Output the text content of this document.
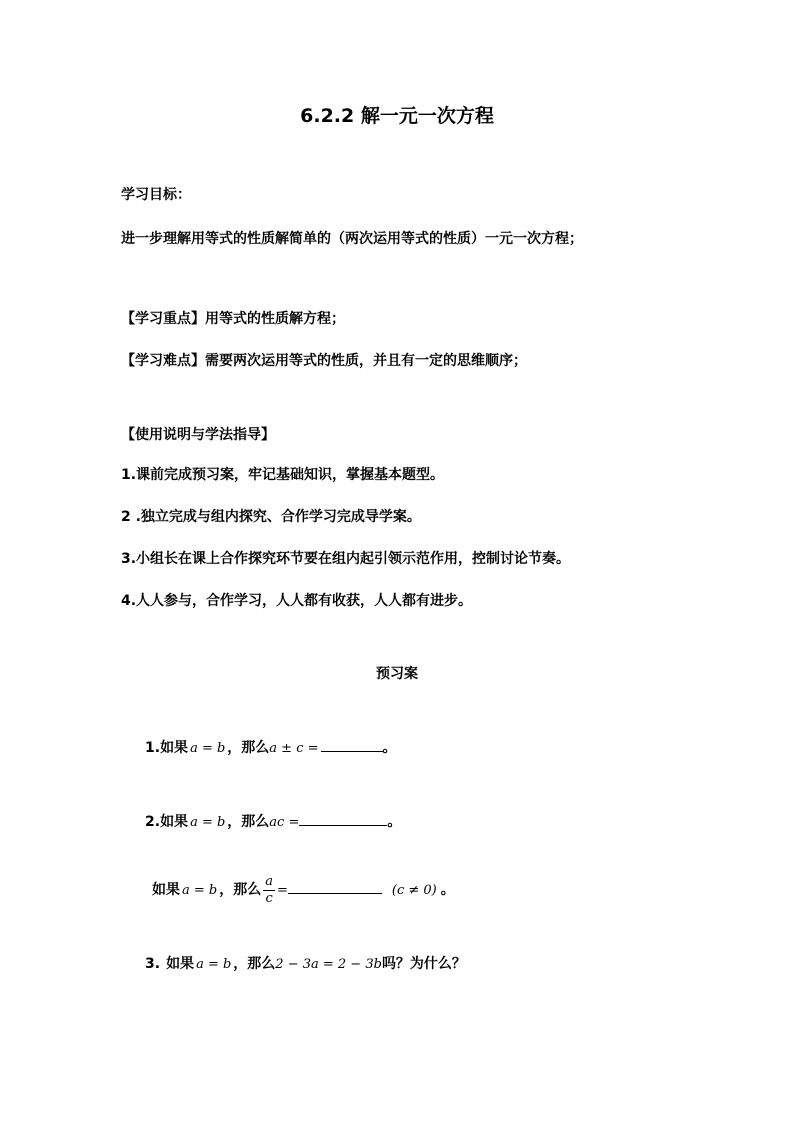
6.2.2 解一元一次方程
学习目标：
进一步理解用等式的性质解简单的（两次运用等式的性质）一元一次方程；
【学习重点】用等式的性质解方程；
【学习难点】需要两次运用等式的性质，并且有一定的思维顺序；
【使用说明与学法指导】
1.课前完成预习案，牢记基础知识，掌握基本题型。
2 .独立完成与组内探究、合作学习完成导学案。
3.小组长在课上合作探究环节要在组内起引领示范作用，控制讨论节奏。
4.人人参与，合作学习，人人都有收获，人人都有进步。
预习案
1.如果 a = b ，那么a ± c =	。
2.如果 a = b ，那么ac =	。
如果 a = b ，那么 $\frac{a}{c}$ =	(c ≠ 0) 。
3. 如果 a = b ，那么2 − 3a = 2 − 3b吗？为什么？
